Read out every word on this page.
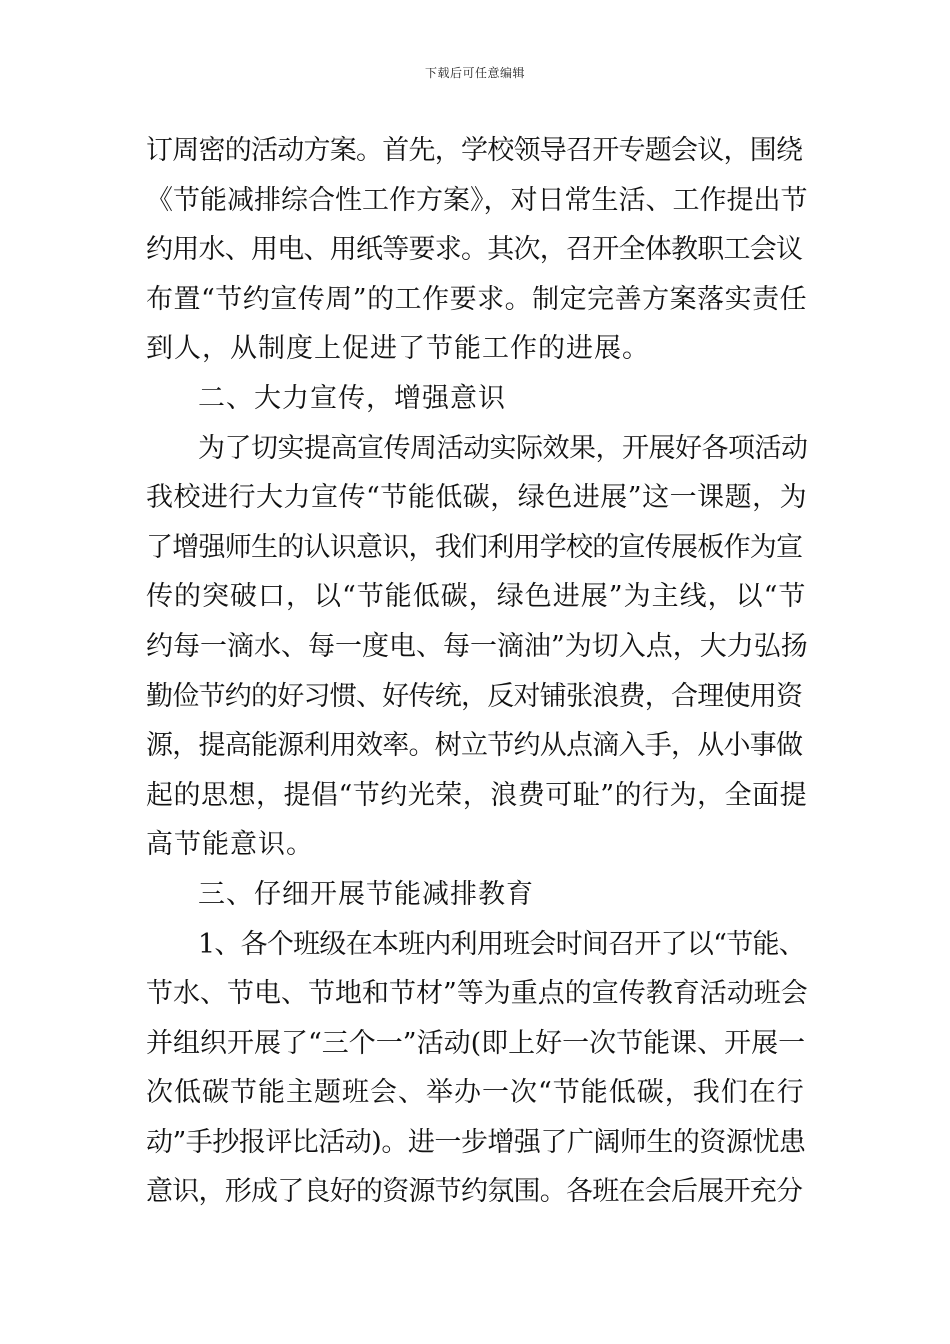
下载后可任意编辑
订周密的活动方案。首先，学校领导召开专题会议，围绕
《节能减排综合性工作方案》，对日常生活、工作提出节
约用水、用电、用纸等要求。其次，召开全体教职工会议
布置“节约宣传周”的工作要求。制定完善方案落实责任
到人，从制度上促进了节能工作的进展。
二、大力宣传，增强意识
为了切实提高宣传周活动实际效果，开展好各项活动
我校进行大力宣传“节能低碳，绿色进展”这一课题，为
了增强师生的认识意识，我们利用学校的宣传展板作为宣
传的突破口，以“节能低碳，绿色进展”为主线，以“节
约每一滴水、每一度电、每一滴油”为切入点，大力弘扬
勤俭节约的好习惯、好传统，反对铺张浪费，合理使用资
源，提高能源利用效率。树立节约从点滴入手，从小事做
起的思想，提倡“节约光荣，浪费可耻”的行为，全面提
高节能意识。
三、仔细开展节能减排教育
1、各个班级在本班内利用班会时间召开了以“节能、
节水、节电、节地和节材”等为重点的宣传教育活动班会
并组织开展了“三个一”活动(即上好一次节能课、开展一
次低碳节能主题班会、举办一次“节能低碳，我们在行
动”手抄报评比活动)。进一步增强了广阔师生的资源忧患
意识，形成了良好的资源节约氛围。各班在会后展开充分
